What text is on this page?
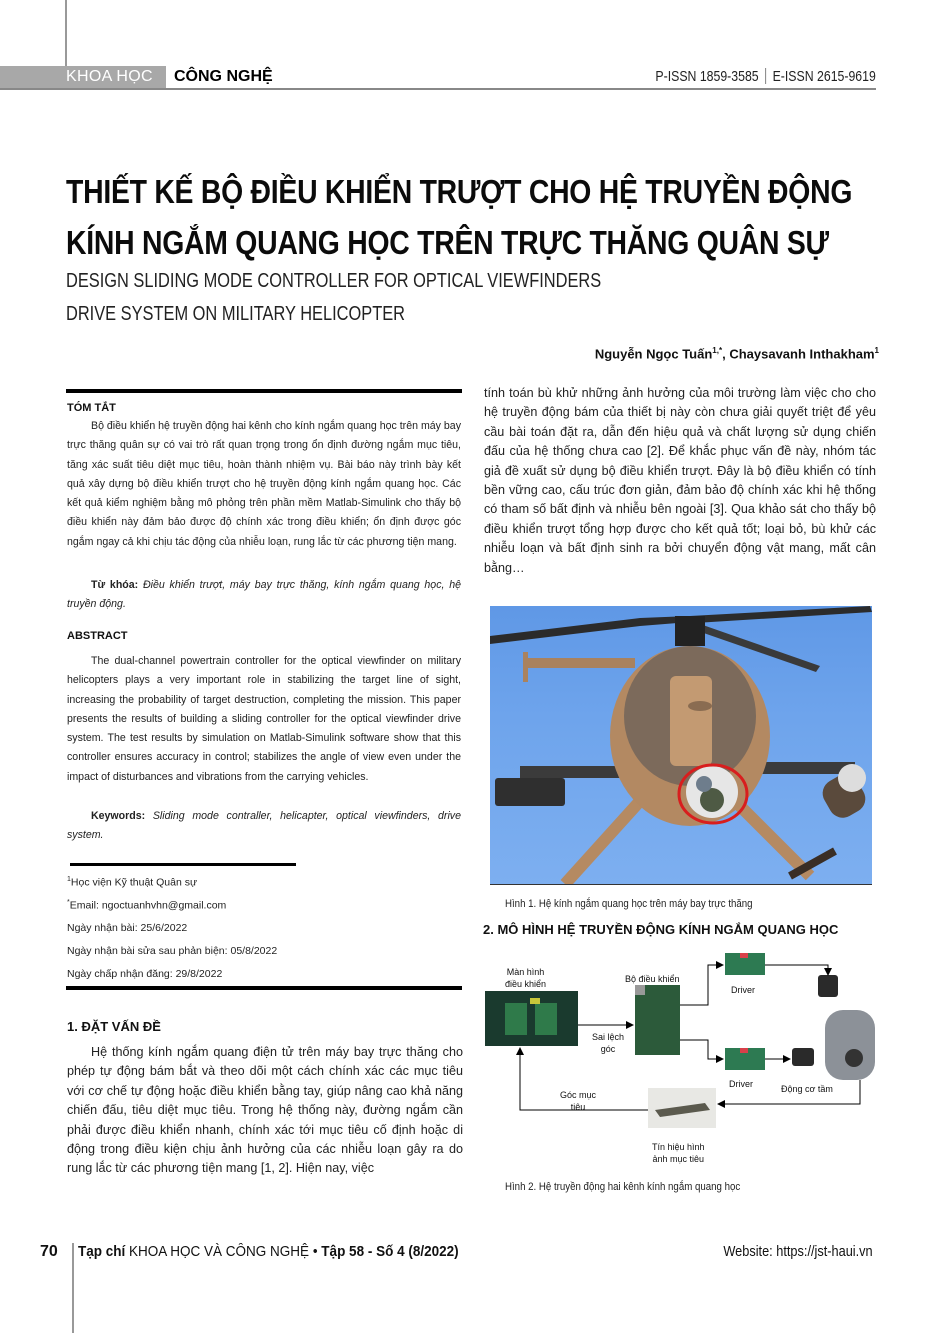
KHOA HỌC CÔNG NGHỆ	P-ISSN 1859-3585 E-ISSN 2615-9619
THIẾT KẾ BỘ ĐIỀU KHIỂN TRƯỢT CHO HỆ TRUYỀN ĐỘNG
KÍNH NGẮM QUANG HỌC TRÊN TRỰC THĂNG QUÂN SỰ
DESIGN SLIDING MODE CONTROLLER FOR OPTICAL VIEWFINDERS
DRIVE SYSTEM ON MILITARY HELICOPTER
Nguyễn Ngọc Tuấn$^{1,*}$, Chaysavanh Inthakham$^1$
TÓM TẮT
Bộ điều khiển hệ truyền động hai kênh cho kính ngắm quang học trên máy bay trực thăng quân sự có vai trò rất quan trọng trong ổn định đường ngắm mục tiêu, tăng xác suất tiêu diệt mục tiêu, hoàn thành nhiệm vụ. Bài báo này trình bày kết quả xây dựng bộ điều khiển trượt cho hệ truyền động kính ngắm quang học. Các kết quả kiểm nghiệm bằng mô phỏng trên phần mềm Matlab-Simulink cho thấy bộ điều khiển này đảm bảo được độ chính xác trong điều khiển; ổn định được góc ngắm ngay cả khi chịu tác động của nhiễu loạn, rung lắc từ các phương tiện mang.
Từ khóa: Điều khiển trượt, máy bay trực thăng, kính ngắm quang học, hệ truyền động.
ABSTRACT
The dual-channel powertrain controller for the optical viewfinder on military helicopters plays a very important role in stabilizing the target line of sight, increasing the probability of target destruction, completing the mission. This paper presents the results of building a sliding controller for the optical viewfinder drive system. The test results by simulation on Matlab-Simulink software show that this controller ensures accuracy in control; stabilizes the angle of view even under the impact of disturbances and vibrations from the carrying vehicles.
Keywords: Sliding mode contraller, helicapter, optical viewfinders, drive system.
$^1$Học viện Kỹ thuật Quân sự
*Email: ngoctuanhvhn@gmail.com
Ngày nhận bài: 25/6/2022
Ngày nhận bài sửa sau phản biện: 05/8/2022
Ngày chấp nhận đăng: 29/8/2022
1. ĐẶT VẤN ĐỀ
Hệ thống kính ngắm quang điện tử trên máy bay trực thăng cho phép tự động bám bắt và theo dõi một cách chính xác các mục tiêu với cơ chế tự động hoặc điều khiển bằng tay, giúp nâng cao khả năng chiến đấu, tiêu diệt mục tiêu. Trong hệ thống này, đường ngắm cần phải được điều khiển nhanh, chính xác tới mục tiêu cố định hoặc di động trong điều kiện chịu ảnh hưởng của các nhiễu loạn gây ra do rung lắc từ các phương tiện mang [1, 2]. Hiện nay, việc
tính toán bù khử những ảnh hưởng của môi trường làm việc cho cho hệ truyền động bám của thiết bị này còn chưa giải quyết triệt để yêu cầu bài toán đặt ra, dẫn đến hiệu quả và chất lượng sử dụng chiến đấu của hệ thống chưa cao [2]. Để khắc phục vấn đề này, nhóm tác giả đề xuất sử dụng bộ điều khiển trượt. Đây là bộ điều khiển có tính bền vững cao, cấu trúc đơn giản, đảm bảo độ chính xác khi hệ thống có tham số bất định và nhiễu bên ngoài [3]. Qua khảo sát cho thấy bộ điều khiển trượt tổng hợp được cho kết quả tốt; loại bỏ, bù khử các nhiễu loạn và bất định sinh ra bởi chuyển động vật mang, mất cân bằng…
Hình 1. Hệ kính ngắm quang học trên máy bay trực thăng
2. MÔ HÌNH HỆ TRUYỀN ĐỘNG KÍNH NGẮM QUANG HỌC
Màn hình
điều khiển	Bộ điều khiển
Sai lệch
góc
Driver
Driver	Động cơ tầm
Góc mục
tiêu
Tín hiệu hình
ảnh mục tiêu
Hình 2. Hệ truyền động hai kênh kính ngắm quang học
70 Tạp chí KHOA HỌC VÀ CÔNG NGHỆ • Tập 58 - Số 4 (8/2022)	Website: https://jst-haui.vn
